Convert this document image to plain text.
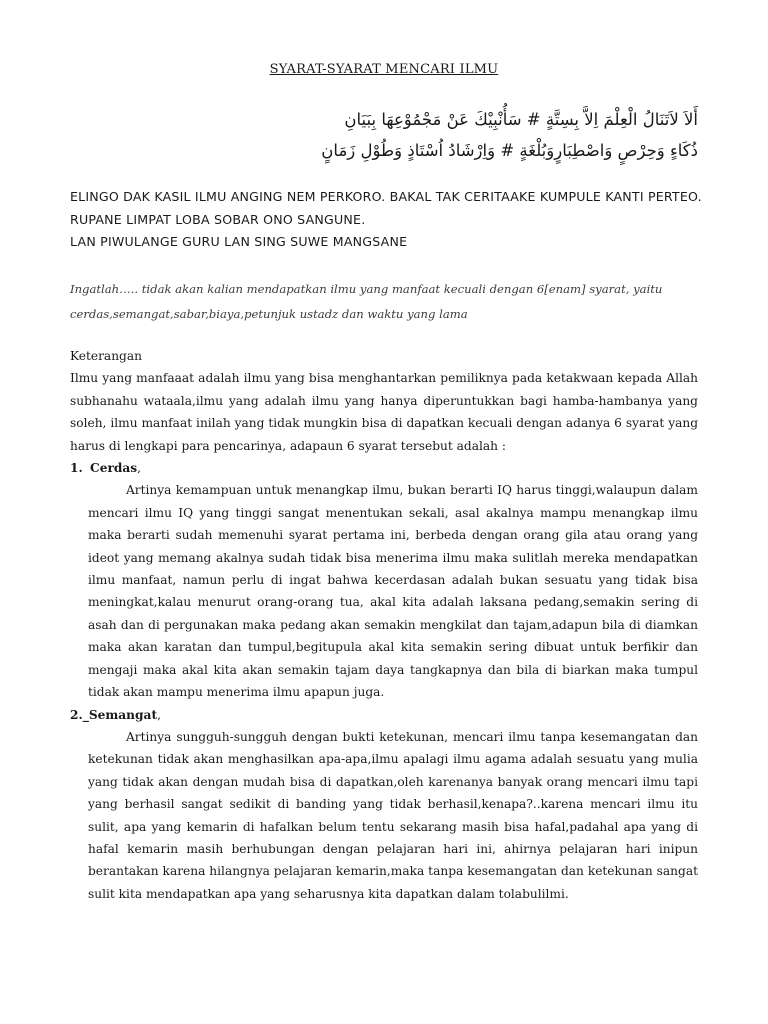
SYARAT-SYARAT MENCARI ILMU
أَلاَ لاَتَنَالُ الْعِلْمَ اِلاَّ بِسِتَّةٍ # سَأُنْبِيْكَ عَنْ مَجْمُوْعِهَا بِبَيَانِ
ذُكَاءٍ وَحِرْصٍ وَاصْطِبَارٍوَبُلْغَةٍ # وَاِرْشَادُ اُسْتَاذٍ وَطُوْلِ زَمَانٍ

ELINGO DAK KASIL ILMU ANGING NEM PERKORO. BAKAL TAK CERITAAKE KUMPULE KANTI PERTEO.

RUPANE LIMPAT LOBA SOBAR ONO SANGUNE.

LAN PIWULANGE GURU LAN SING SUWE MANGSANE

Ingatlah….. tidak akan kalian mendapatkan ilmu yang manfaat kecuali dengan 6[enam] syarat, yaitu cerdas,semangat,sabar,biaya,petunjuk ustadz dan waktu yang lama

Keterangan

Ilmu yang manfaaat adalah ilmu yang bisa menghantarkan pemiliknya pada ketakwaan kepada Allah subhanahu wataala,ilmu yang adalah ilmu yang hanya diperuntukkan bagi hamba-hambanya yang soleh, ilmu manfaat inilah yang tidak mungkin bisa di dapatkan kecuali dengan adanya 6 syarat yang harus di lengkapi para pencarinya, adapaun 6 syarat tersebut adalah :

1. Cerdas,

Artinya kemampuan untuk menangkap ilmu, bukan berarti IQ harus tinggi,walaupun dalam mencari ilmu IQ yang tinggi sangat menentukan sekali, asal akalnya mampu menangkap ilmu maka berarti sudah memenuhi syarat pertama ini, berbeda dengan orang gila atau orang yang ideot yang memang akalnya sudah tidak bisa menerima ilmu maka sulitlah mereka mendapatkan ilmu manfaat, namun perlu di ingat bahwa kecerdasan adalah bukan sesuatu yang tidak bisa meningkat,kalau menurut orang-orang tua, akal kita adalah laksana pedang,semakin sering di asah dan di pergunakan maka pedang akan semakin mengkilat dan tajam,adapun bila di diamkan maka akan karatan dan tumpul,begitupula akal kita semakin sering dibuat untuk berfikir dan mengaji maka akal kita akan semakin tajam daya tangkapnya dan bila di biarkan maka tumpul tidak akan mampu menerima ilmu apapun juga.

2._Semangat,

Artinya sungguh-sungguh dengan bukti ketekunan, mencari ilmu tanpa kesemangatan dan ketekunan tidak akan menghasilkan apa-apa,ilmu apalagi ilmu agama adalah sesuatu yang mulia yang tidak akan dengan mudah bisa di dapatkan,oleh karenanya banyak orang mencari ilmu tapi yang berhasil sangat sedikit di banding yang tidak berhasil,kenapa?..karena mencari ilmu itu sulit, apa yang kemarin di hafalkan belum tentu sekarang masih bisa hafal,padahal apa yang di hafal kemarin masih berhubungan dengan pelajaran hari ini, ahirnya pelajaran hari inipun berantakan karena hilangnya pelajaran kemarin,maka tanpa kesemangatan dan ketekunan sangat sulit kita mendapatkan apa yang seharusnya kita dapatkan dalam tolabulilmi.
